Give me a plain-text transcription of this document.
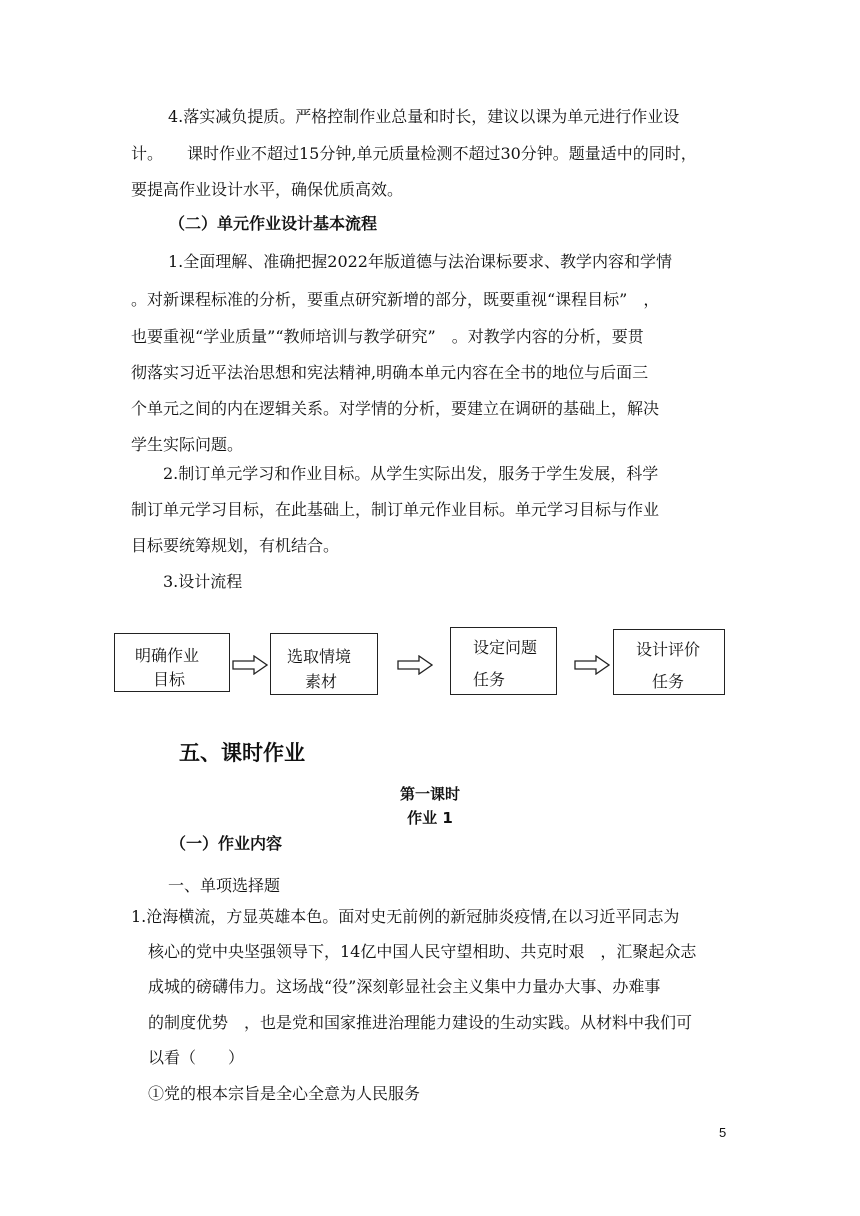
4.落实减负提质。严格控制作业总量和时长，建议以课为单元进行作业设
计。　　课时作业不超过15分钟,单元质量检测不超过30分钟。题量适中的同时，
要提高作业设计水平，确保优质高效。
（二）单元作业设计基本流程
1.全面理解、准确把握2022年版道德与法治课标要求、教学内容和学情
。对新课程标准的分析，要重点研究新增的部分，既要重视“课程目标”　，
也要重视“学业质量”“教师培训与教学研究”　。对教学内容的分析，要贯
彻落实习近平法治思想和宪法精神,明确本单元内容在全书的地位与后面三
个单元之间的内在逻辑关系。对学情的分析，要建立在调研的基础上，解决
学生实际问题。
2.制订单元学习和作业目标。从学生实际出发，服务于学生发展，科学
制订单元学习目标，在此基础上，制订单元作业目标。单元学习目标与作业
目标要统筹规划，有机结合。
3.设计流程
明确作业
目标
选取情境
素材
设定问题
任务
设计评价
任务
五、课时作业
第一课时
作业 1
（一）作业内容
一、单项选择题
1.沧海横流，方显英雄本色。面对史无前例的新冠肺炎疫情,在以习近平同志为
核心的党中央坚强领导下，14亿中国人民守望相助、共克时艰　，汇聚起众志
成城的磅礴伟力。这场战“役”深刻彰显社会主义集中力量办大事、办难事
的制度优势　，也是党和国家推进治理能力建设的生动实践。从材料中我们可
以看（　　）
①党的根本宗旨是全心全意为人民服务
5
